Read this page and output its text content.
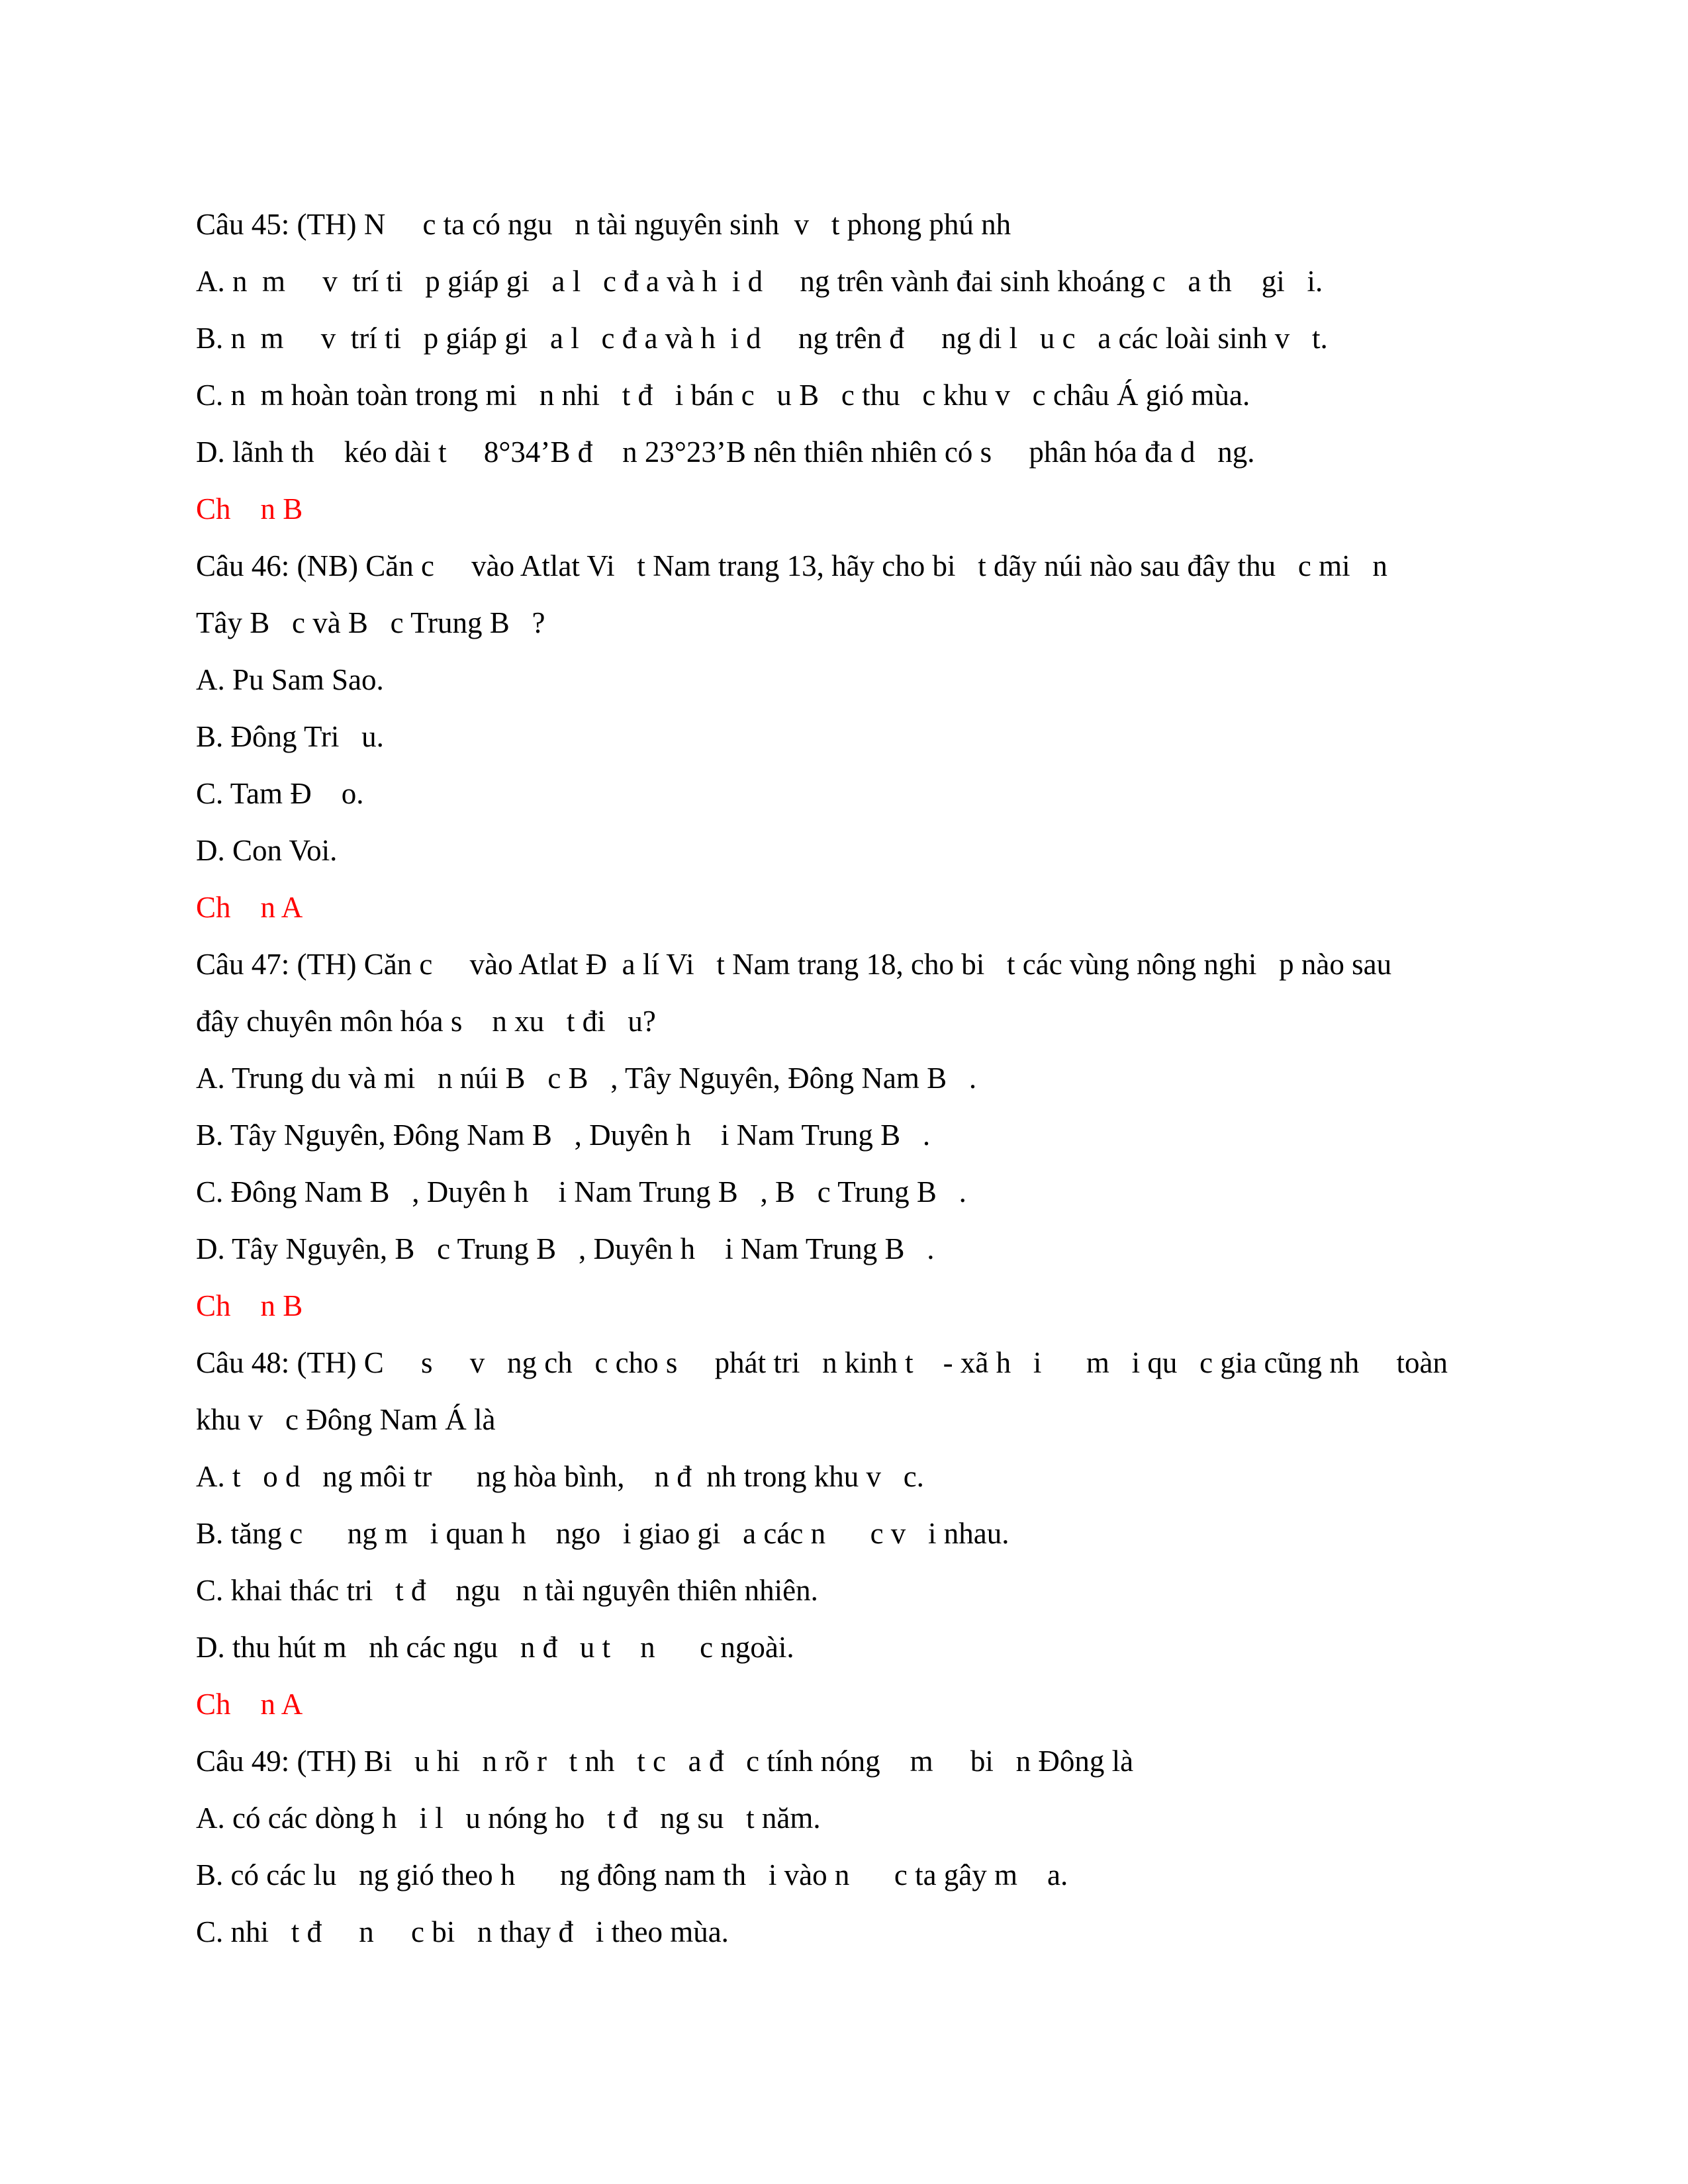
Câu 45: (TH) N     c ta có ngu   n tài nguyên sinh  v   t phong phú nh
A. n  m     v  trí ti   p giáp gi   a l   c đ a và h  i d     ng trên vành đai sinh khoáng c   a th    gi   i.
B. n  m     v  trí ti   p giáp gi   a l   c đ a và h  i d     ng trên đ     ng di l   u c   a các loài sinh v   t.
C. n  m hoàn toàn trong mi   n nhi   t đ   i bán c   u B   c thu   c khu v   c châu Á gió mùa.
D. lãnh th    kéo dài t     8°34’B đ    n 23°23’B nên thiên nhiên có s     phân hóa đa d   ng.
Ch    n B
Câu 46: (NB) Căn c     vào Atlat Vi   t Nam trang 13, hãy cho bi   t dãy núi nào sau đây thu   c mi   n
Tây B   c và B   c Trung B   ?
A. Pu Sam Sao.
B. Đông Tri   u.
C. Tam Đ    o.
D. Con Voi.
Ch    n A
Câu 47: (TH) Căn c     vào Atlat Đ  a lí Vi   t Nam trang 18, cho bi   t các vùng nông nghi   p nào sau
đây chuyên môn hóa s    n xu   t đi   u?
A. Trung du và mi   n núi B   c B   , Tây Nguyên, Đông Nam B   .
B. Tây Nguyên, Đông Nam B   , Duyên h    i Nam Trung B   .
C. Đông Nam B   , Duyên h    i Nam Trung B   , B   c Trung B   .
D. Tây Nguyên, B   c Trung B   , Duyên h    i Nam Trung B   .
Ch    n B
Câu 48: (TH) C     s     v   ng ch   c cho s     phát tri   n kinh t    - xã h   i      m   i qu   c gia cũng nh     toàn
khu v   c Đông Nam Á là
A. t   o d   ng môi tr      ng hòa bình,    n đ  nh trong khu v   c.
B. tăng c      ng m   i quan h    ngo   i giao gi   a các n      c v   i nhau.
C. khai thác tri   t đ    ngu   n tài nguyên thiên nhiên.
D. thu hút m   nh các ngu   n đ   u t    n      c ngoài.
Ch    n A
Câu 49: (TH) Bi   u hi   n rõ r   t nh   t c   a đ   c tính nóng    m     bi   n Đông là
A. có các dòng h   i l   u nóng ho   t đ   ng su   t năm.
B. có các lu   ng gió theo h      ng đông nam th   i vào n      c ta gây m    a.
C. nhi   t đ     n     c bi   n thay đ   i theo mùa.
